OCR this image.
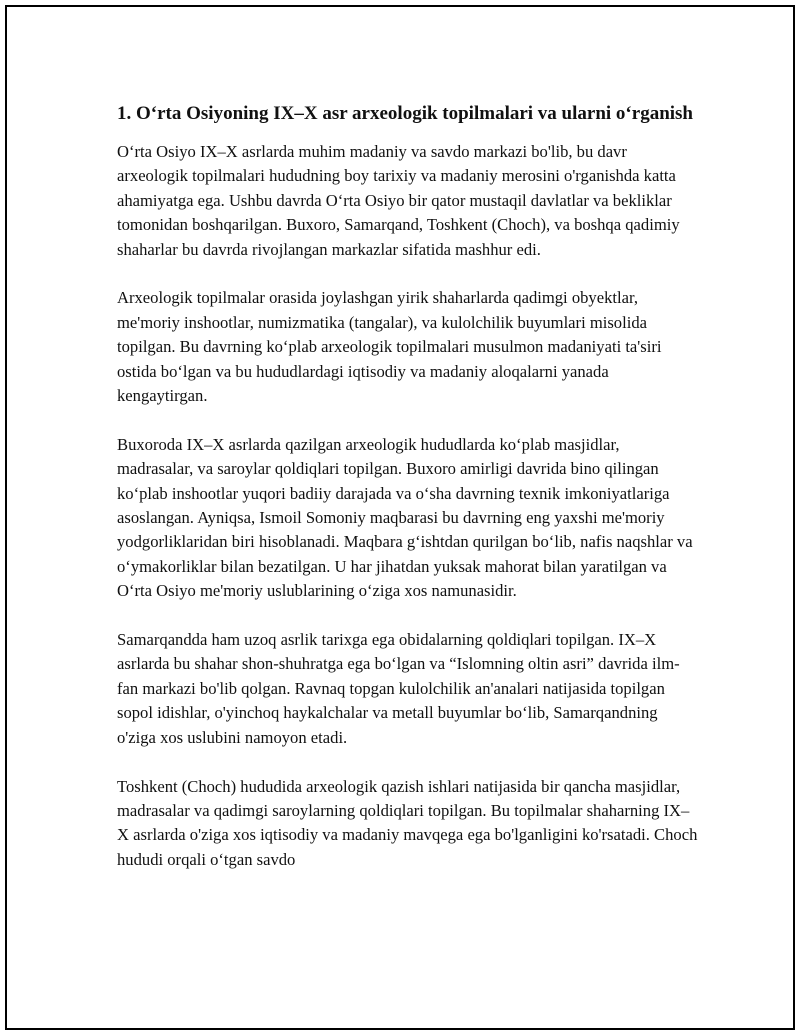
1. O‘rta Osiyoning IX–X asr arxeologik topilmalari va ularni o‘rganish

O‘rta Osiyo IX–X asrlarda muhim madaniy va savdo markazi bo'lib, bu davr arxeologik topilmalari hududning boy tarixiy va madaniy merosini o'rganishda katta ahamiyatga ega. Ushbu davrda O‘rta Osiyo bir qator mustaqil davlatlar va bekliklar tomonidan boshqarilgan. Buxoro, Samarqand, Toshkent (Choch), va boshqa qadimiy shaharlar bu davrda rivojlangan markazlar sifatida mashhur edi.

Arxeologik topilmalar orasida joylashgan yirik shaharlarda qadimgi obyektlar, me'moriy inshootlar, numizmatika (tangalar), va kulolchilik buyumlari misolida topilgan. Bu davrning ko‘plab arxeologik topilmalari musulmon madaniyati ta'siri ostida bo‘lgan va bu hududlardagi iqtisodiy va madaniy aloqalarni yanada kengaytirgan.

Buxoroda IX–X asrlarda qazilgan arxeologik hududlarda ko‘plab masjidlar, madrasalar, va saroylar qoldiqlari topilgan. Buxoro amirligi davrida bino qilingan ko‘plab inshootlar yuqori badiiy darajada va o‘sha davrning texnik imkoniyatlariga asoslangan. Ayniqsa, Ismoil Somoniy maqbarasi bu davrning eng yaxshi me'moriy yodgorliklaridan biri hisoblanadi. Maqbara g‘ishtdan qurilgan bo‘lib, nafis naqshlar va o‘ymakorliklar bilan bezatilgan. U har jihatdan yuksak mahorat bilan yaratilgan va O‘rta Osiyo me'moriy uslublarining o‘ziga xos namunasidir.

Samarqandda ham uzoq asrlik tarixga ega obidalarning qoldiqlari topilgan. IX–X asrlarda bu shahar shon-shuhratga ega bo‘lgan va “Islomning oltin asri” davrida ilm-fan markazi bo'lib qolgan. Ravnaq topgan kulolchilik an'analari natijasida topilgan sopol idishlar, o'yinchoq haykalchalar va metall buyumlar bo‘lib, Samarqandning o'ziga xos uslubini namoyon etadi.

Toshkent (Choch) hududida arxeologik qazish ishlari natijasida bir qancha masjidlar, madrasalar va qadimgi saroylarning qoldiqlari topilgan. Bu topilmalar shaharning IX–X asrlarda o'ziga xos iqtisodiy va madaniy mavqega ega bo'lganligini ko'rsatadi. Choch hududi orqali o‘tgan savdo
